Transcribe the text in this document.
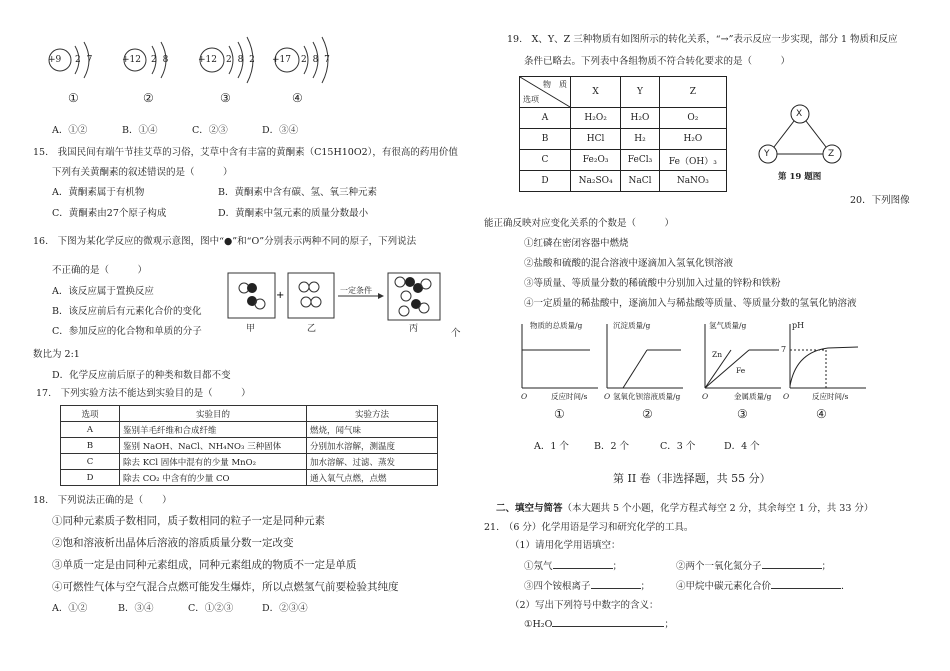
+9 2 7
①
+12 2 8
②
+12 2 8 2
③
+17 2 8 7
④
A．①②	B．①④	C．②③	D．③④
15.　我国民间有端午节挂艾草的习俗，艾草中含有丰富的黄酮素（C15H10O2），有很高的药用价值
下列有关黄酮素的叙述错误的是（　　　）
A．黄酮素属于有机物	B．黄酮素中含有碳、氢、氧三种元素
C．黄酮素由27个原子构成	D．黄酮素中氢元素的质量分数最小
16.　下图为某化学反应的微观示意图，图中“●”和“O”分别表示两种不同的原子，下列说法
不正确的是（　　　）
A．该反应属于置换反应
B．该反应前后有元素化合价的变化
C．参加反应的化合物和单质的分子	个
数比为 2:1
D．化学反应前后原子的种类和数目都不变
+	一定条件
甲	乙	丙
17.　下列实验方法不能达到实验目的是（　　　）
选项	实验目的	实验方法
A	鉴别羊毛纤维和合成纤维	燃烧，闻气味
B	鉴别 NaOH、NaCl、NH₄NO₃ 三种固体	分别加水溶解，测温度
C	除去 KCl 固体中混有的少量 MnO₂	加水溶解、过滤、蒸发
D	除去 CO₂ 中含有的少量 CO	通入氧气点燃，点燃
18.　下列说法正确的是（　　）
①同种元素质子数相同，质子数相同的粒子一定是同种元素
②饱和溶液析出晶体后溶液的溶质质量分数一定改变
③单质一定是由同种元素组成，同种元素组成的物质不一定是单质
④可燃性气体与空气混合点燃可能发生爆炸，所以点燃氢气前要检验其纯度
A．①②	B．③④	C．①②③	D．②③④
19.　X、Y、Z 三种物质有如图所示的转化关系，“→”表示反应一步实现，部分 1 物质和反应
条件已略去。下列表中各组物质不符合转化要求的是（　　　）
物　质
选项	X	Y	Z
A	H₂O₂	H₂O	O₂
B	HCl	H₂	H₂O
C	Fe₂O₃	FeCl₃	Fe（OH）₃
D	Na₂SO₄	NaCl	NaNO₃
X
Y	Z
第 19 题图
20．下列图像
能正确反映对应变化关系的个数是（　　　）
①红磷在密闭容器中燃烧
②盐酸和硫酸的混合溶液中逐滴加入氢氧化钡溶液
③等质量、等质量分数的稀硫酸中分别加入过量的锌粉和铁粉
④一定质量的稀盐酸中，逐滴加入与稀盐酸等质量、等质量分数的氢氧化钠溶液
物质的总质量/g
O	反应时间/s
①
沉淀质量/g
O 氢氧化钡溶液质量/g
②
氢气质量/g
Zn
Fe
O	金属质量/g
③
pH
7
O	反应时间/s
④
A．1 个	B．2 个	C．3 个	D．4 个
第 II 卷（非选择题，共 55 分）
二、填空与简答（本大题共 5 个小题，化学方程式每空 2 分，其余每空 1 分，共 33 分）
21.　（6 分）化学用语是学习和研究化学的工具。
（1）请用化学用语填空：
①氖气	；	②两个一氧化氮分子	；
③四个铵根离子	；	④甲烷中碳元素化合价	．
（2）写出下列符号中数字的含义：
①H₂O	；
